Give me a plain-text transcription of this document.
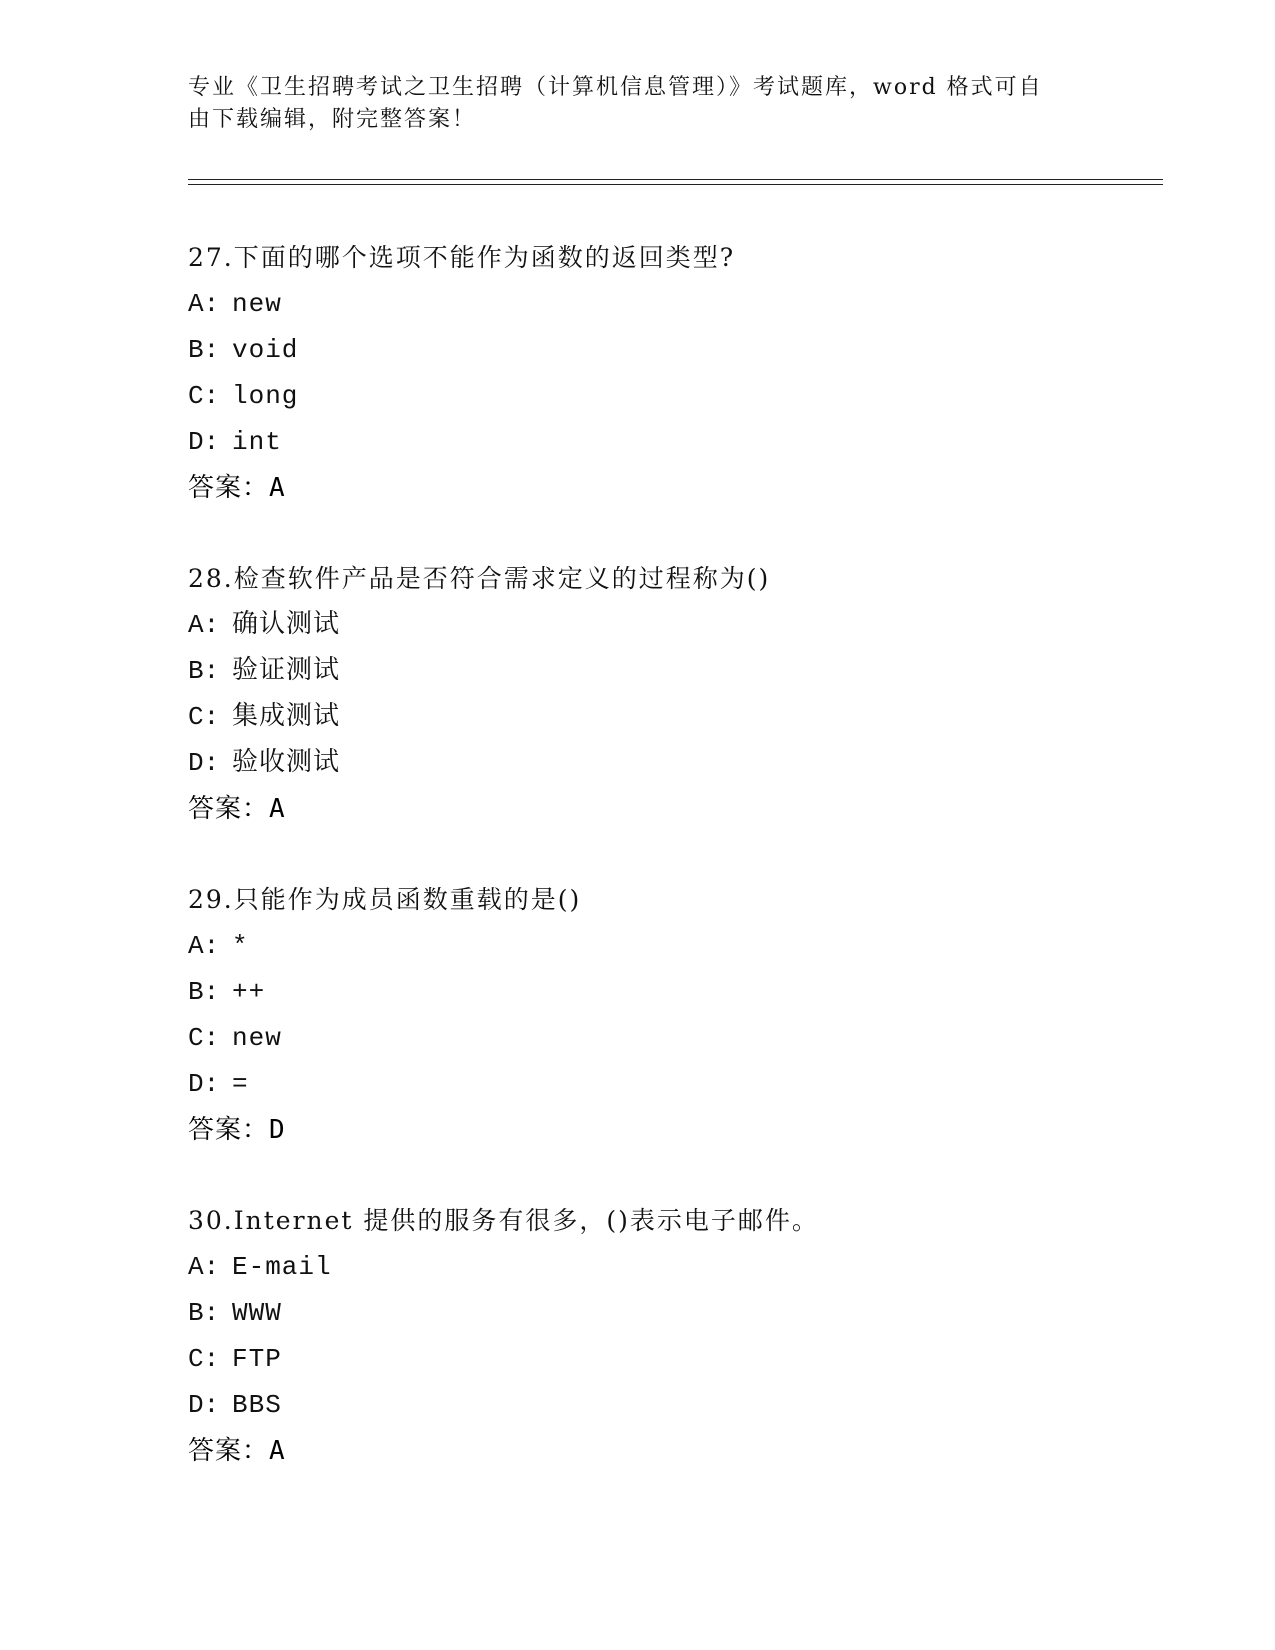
专业《卫生招聘考试之卫生招聘（计算机信息管理）》考试题库，word 格式可自
由下载编辑，附完整答案！
27.下面的哪个选项不能作为函数的返回类型?
A: new
B: void
C: long
D: int
答案：A
28.检查软件产品是否符合需求定义的过程称为()
A: 确认测试
B: 验证测试
C: 集成测试
D: 验收测试
答案：A
29.只能作为成员函数重载的是()
A: *
B: ++
C: new
D: =
答案：D
30.Internet 提供的服务有很多，()表示电子邮件。
A: E-mail
B: WWW
C: FTP
D: BBS
答案：A
